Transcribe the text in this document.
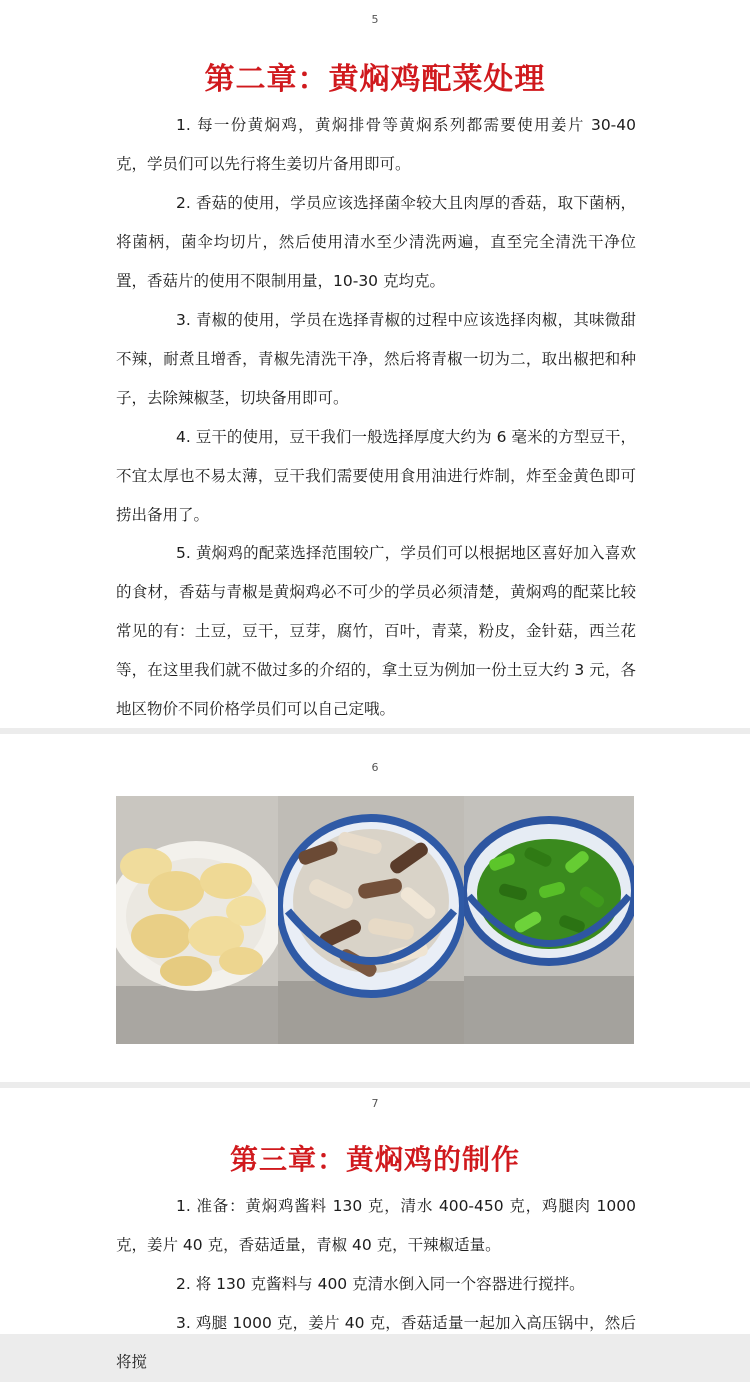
5
第二章：黄焖鸡配菜处理
1. 每一份黄焖鸡，黄焖排骨等黄焖系列都需要使用姜片 30-40 克，学员们可以先行将生姜切片备用即可。
2. 香菇的使用，学员应该选择菌伞较大且肉厚的香菇，取下菌柄，将菌柄，菌伞均切片，然后使用清水至少清洗两遍，直至完全清洗干净位置，香菇片的使用不限制用量，10-30 克均克。
3. 青椒的使用，学员在选择青椒的过程中应该选择肉椒，其味微甜不辣，耐煮且增香，青椒先清洗干净，然后将青椒一切为二，取出椒把和种子，去除辣椒茎，切块备用即可。
4. 豆干的使用，豆干我们一般选择厚度大约为 6 毫米的方型豆干，不宜太厚也不易太薄，豆干我们需要使用食用油进行炸制，炸至金黄色即可捞出备用了。
5. 黄焖鸡的配菜选择范围较广，学员们可以根据地区喜好加入喜欢的食材，香菇与青椒是黄焖鸡必不可少的学员必须清楚，黄焖鸡的配菜比较常见的有：土豆，豆干，豆芽，腐竹，百叶，青菜，粉皮，金针菇，西兰花等，在这里我们就不做过多的介绍的，拿土豆为例加一份土豆大约 3 元，各地区物价不同价格学员们可以自己定哦。
6
7
第三章：黄焖鸡的制作
1. 准备：黄焖鸡酱料 130 克，清水 400-450 克，鸡腿肉 1000 克，姜片 40 克，香菇适量，青椒 40 克，干辣椒适量。
2. 将 130 克酱料与 400 克清水倒入同一个容器进行搅拌。
3. 鸡腿 1000 克，姜片 40 克，香菇适量一起加入高压锅中，然后将搅
